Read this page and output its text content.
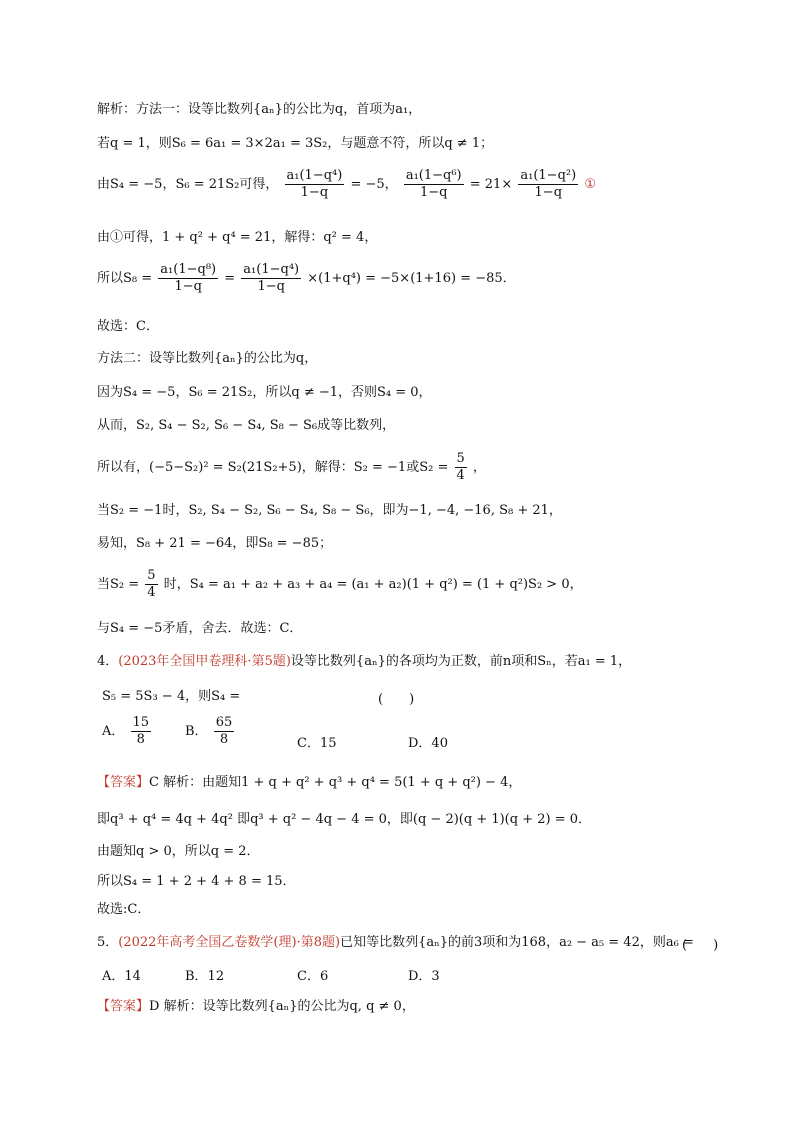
解析：方法一：设等比数列{aₙ}的公比为q，首项为a₁，
若q = 1，则S₆ = 6a₁ = 3×2a₁ = 3S₂，与题意不符，所以q ≠ 1；
由S₄ = −5，S₆ = 21S₂可得， $\frac{\text{a₁(1−q⁴)}}{1-q} = -5$， $\frac{\text{a₁(1−q⁶)}}{1-q} = 21\times \frac{\text{a₁(1−q²)}}{1-q}$ ①
由①可得，1 + q² + q⁴ = 21，解得：q² = 4，
所以$S_8 = \frac{\text{a₁(1−q⁸)}}{1-q} = \frac{\text{a₁(1−q⁴)}}{1-q} \times(1+q^4) = -5\times(1+16) = -85$．
故选：C．
方法二：设等比数列{aₙ}的公比为q，
因为S₄ = −5，S₆ = 21S₂，所以q ≠ −1，否则S₄ = 0，
从而，S₂, S₄ − S₂, S₆ − S₄, S₈ − S₆成等比数列，
所以有，(−5−S₂)² = S₂(21S₂+5)，解得：S₂ = −1或$S_2 = \frac{5}{4}$ ，
当S₂ = −1时，S₂, S₄ − S₂, S₆ − S₄, S₈ − S₆，即为−1, −4, −16, S₈ + 21，
易知，S₈ + 21 = −64，即S₈ = −85；
当$S_2 = \frac{5}{4}$ 时，S₄ = a₁ + a₂ + a₃ + a₄ = (a₁ + a₂)(1 + q²) = (1 + q²)S₂ > 0，
与S₄ = −5矛盾，舍去．故选：C．
4．(2023年全国甲卷理科·第5题)设等比数列{aₙ}的各项均为正数，前n项和Sₙ，若a₁ = 1，
S₅ = 5S₃ − 4，则S₄ =	(　　)
A． $\frac{15}{8}$	B． $\frac{65}{8}$	C．15	D．40
【答案】C 解析：由题知1 + q + q² + q³ + q⁴ = 5(1 + q + q²) − 4，
即q³ + q⁴ = 4q + 4q² 即q³ + q² − 4q − 4 = 0，即(q − 2)(q + 1)(q + 2) = 0．
由题知q > 0，所以q = 2．
所以S₄ = 1 + 2 + 4 + 8 = 15．
故选:C．
5．(2022年高考全国乙卷数学(理)·第8题)已知等比数列{aₙ}的前3项和为168，a₂ − a₅ = 42，则a₆ =
(　　)
A．14	B．12	C．6	D．3
【答案】D 解析：设等比数列{aₙ}的公比为q, q ≠ 0，
